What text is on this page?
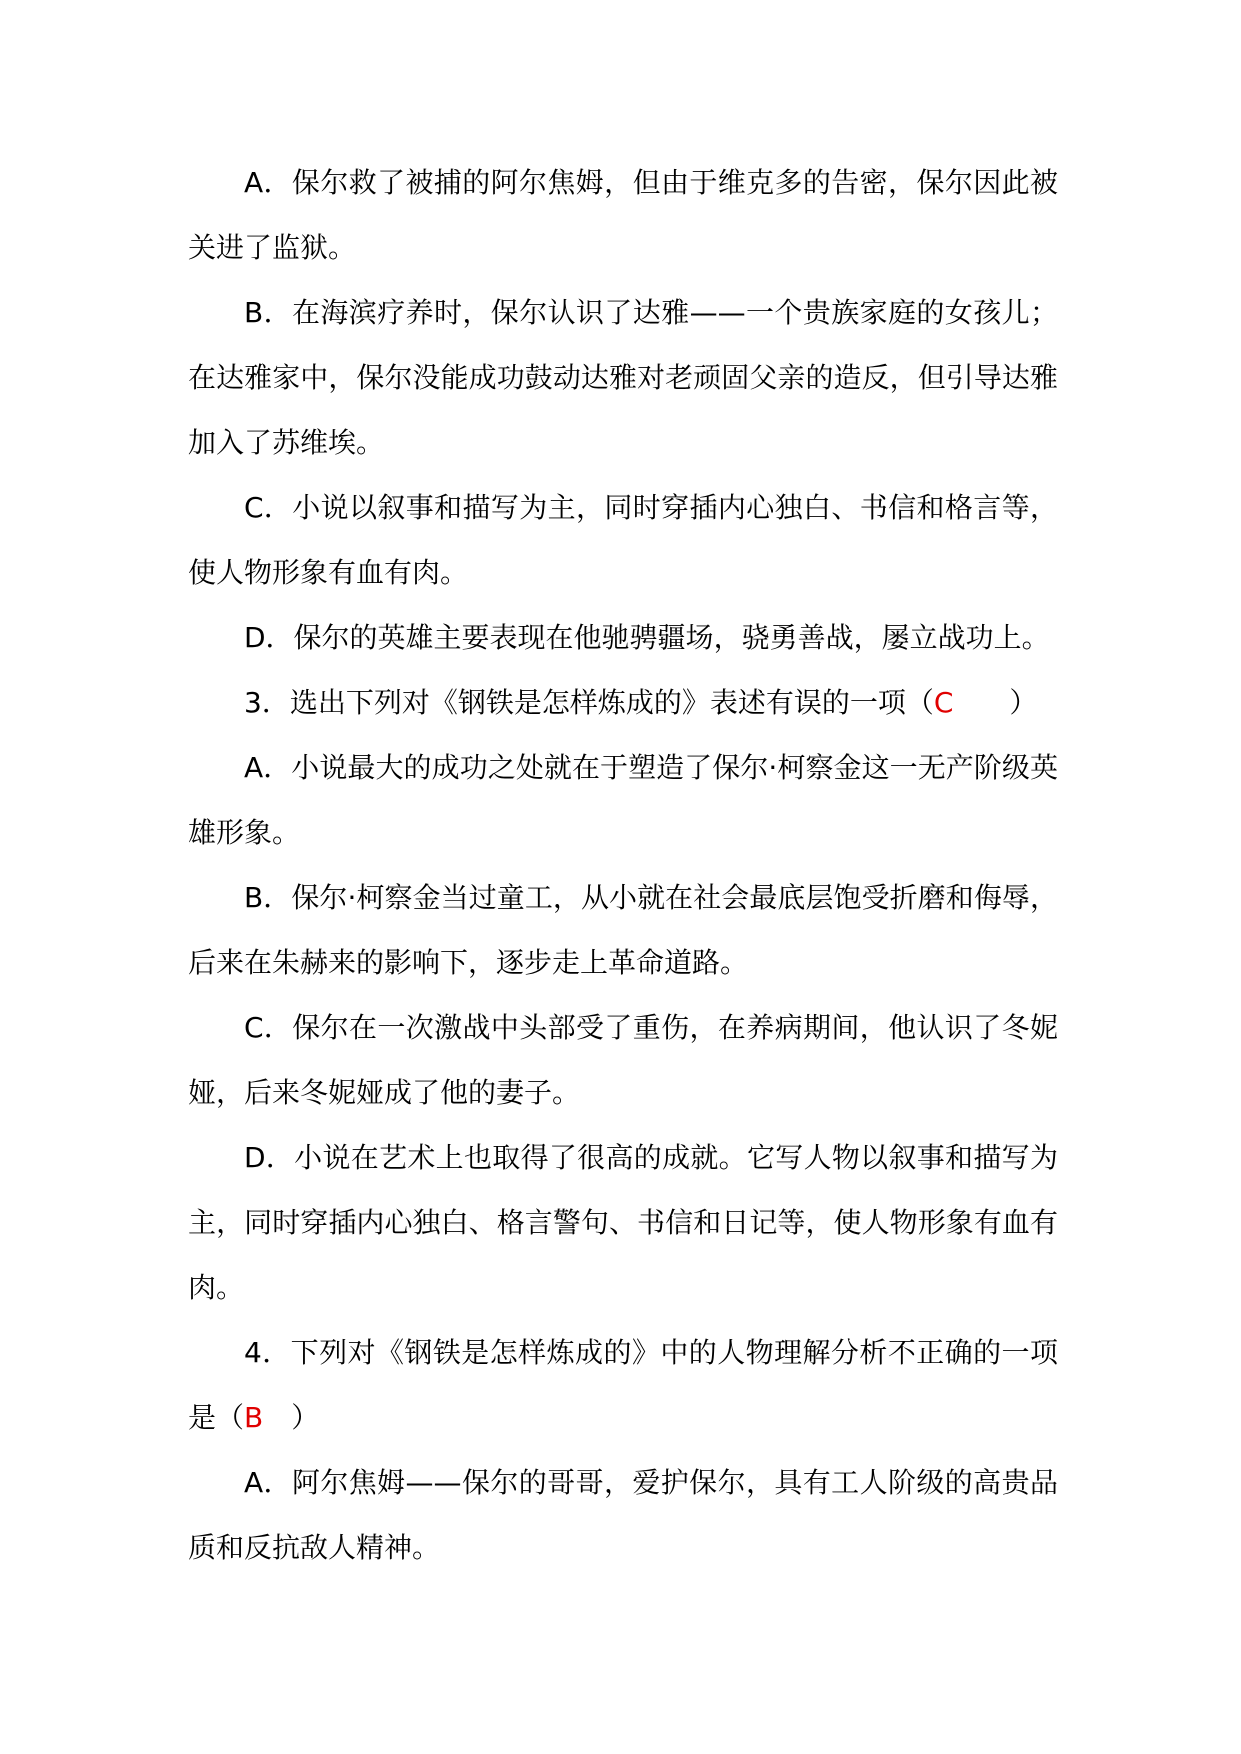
A．保尔救了被捕的阿尔焦姆，但由于维克多的告密，保尔因此被关进了监狱。

B．在海滨疗养时，保尔认识了达雅——一个贵族家庭的女孩儿；在达雅家中，保尔没能成功鼓动达雅对老顽固父亲的造反，但引导达雅加入了苏维埃。

C．小说以叙事和描写为主，同时穿插内心独白、书信和格言等，使人物形象有血有肉。

D．保尔的英雄主要表现在他驰骋疆场，骁勇善战，屡立战功上。

3．选出下列对《钢铁是怎样炼成的》表述有误的一项（C ）

A．小说最大的成功之处就在于塑造了保尔·柯察金这一无产阶级英雄形象。

B．保尔·柯察金当过童工，从小就在社会最底层饱受折磨和侮辱，后来在朱赫来的影响下，逐步走上革命道路。

C．保尔在一次激战中头部受了重伤，在养病期间，他认识了冬妮娅，后来冬妮娅成了他的妻子。

D．小说在艺术上也取得了很高的成就。它写人物以叙事和描写为主，同时穿插内心独白、格言警句、书信和日记等，使人物形象有血有肉。

4．下列对《钢铁是怎样炼成的》中的人物理解分析不正确的一项是（B ）

A．阿尔焦姆——保尔的哥哥，爱护保尔，具有工人阶级的高贵品质和反抗敌人精神。
